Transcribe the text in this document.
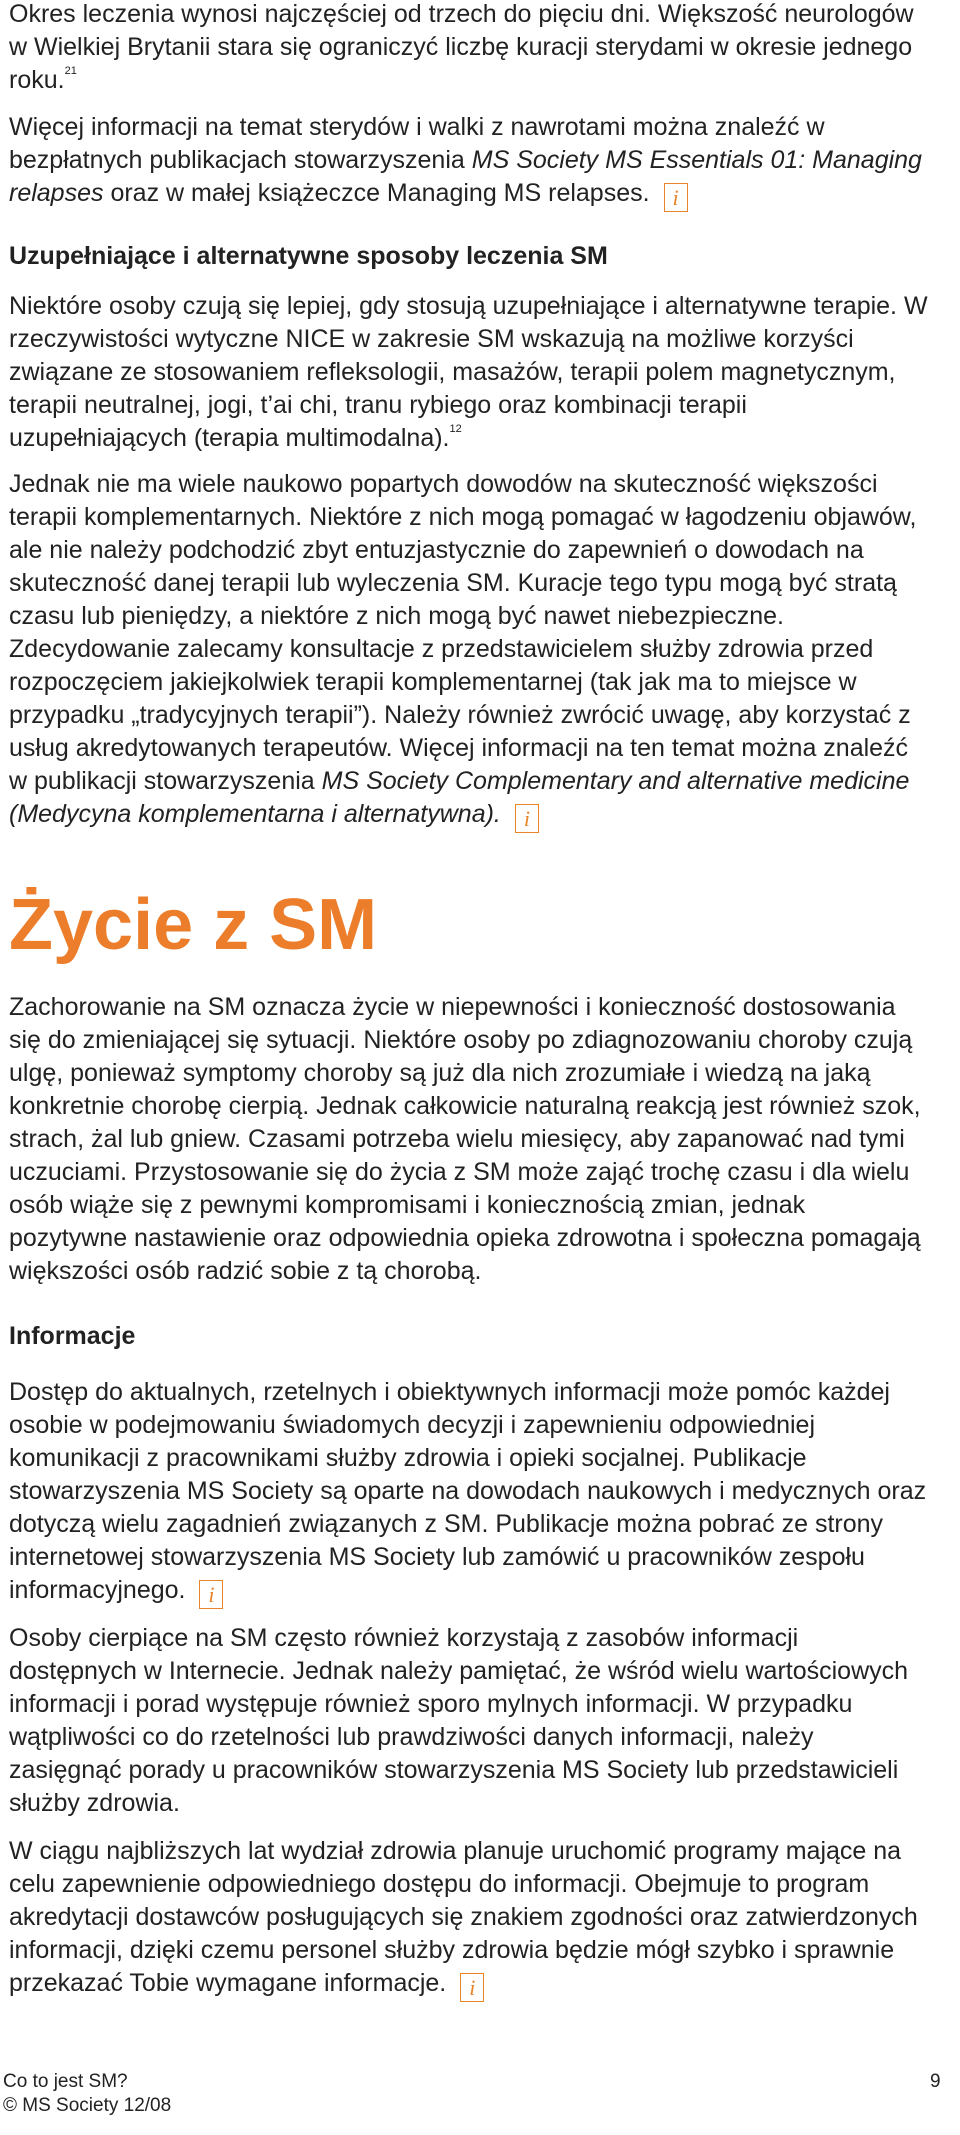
Okres leczenia wynosi najczęściej od trzech do pięciu dni. Większość neurologów w Wielkiej Brytanii stara się ograniczyć liczbę kuracji sterydami w okresie jednego roku.$^{21}$

Więcej informacji na temat sterydów i walki z nawrotami można znaleźć w bezpłatnych publikacjach stowarzyszenia MS Society MS Essentials 01: Managing relapses oraz w małej książeczce Managing MS relapses. i

Uzupełniające i alternatywne sposoby leczenia SM

Niektóre osoby czują się lepiej, gdy stosują uzupełniające i alternatywne terapie. W rzeczywistości wytyczne NICE w zakresie SM wskazują na możliwe korzyści związane ze stosowaniem refleksologii, masażów, terapii polem magnetycznym, terapii neutralnej, jogi, t’ai chi, tranu rybiego oraz kombinacji terapii uzupełniających (terapia multimodalna).$^{12}$

Jednak nie ma wiele naukowo popartych dowodów na skuteczność większości terapii komplementarnych. Niektóre z nich mogą pomagać w łagodzeniu objawów, ale nie należy podchodzić zbyt entuzjastycznie do zapewnień o dowodach na skuteczność danej terapii lub wyleczenia SM. Kuracje tego typu mogą być stratą czasu lub pieniędzy, a niektóre z nich mogą być nawet niebezpieczne. Zdecydowanie zalecamy konsultacje z przedstawicielem służby zdrowia przed rozpoczęciem jakiejkolwiek terapii komplementarnej (tak jak ma to miejsce w przypadku „tradycyjnych terapii”). Należy również zwrócić uwagę, aby korzystać z usług akredytowanych terapeutów. Więcej informacji na ten temat można znaleźć w publikacji stowarzyszenia MS Society Complementary and alternative medicine (Medycyna komplementarna i alternatywna). i

Życie z SM

Zachorowanie na SM oznacza życie w niepewności i konieczność dostosowania się do zmieniającej się sytuacji. Niektóre osoby po zdiagnozowaniu choroby czują ulgę, ponieważ symptomy choroby są już dla nich zrozumiałe i wiedzą na jaką konkretnie chorobę cierpią. Jednak całkowicie naturalną reakcją jest również szok, strach, żal lub gniew. Czasami potrzeba wielu miesięcy, aby zapanować nad tymi uczuciami. Przystosowanie się do życia z SM może zająć trochę czasu i dla wielu osób wiąże się z pewnymi kompromisami i koniecznością zmian, jednak pozytywne nastawienie oraz odpowiednia opieka zdrowotna i społeczna pomagają większości osób radzić sobie z tą chorobą.

Informacje

Dostęp do aktualnych, rzetelnych i obiektywnych informacji może pomóc każdej osobie w podejmowaniu świadomych decyzji i zapewnieniu odpowiedniej komunikacji z pracownikami służby zdrowia i opieki socjalnej. Publikacje stowarzyszenia MS Society są oparte na dowodach naukowych i medycznych oraz dotyczą wielu zagadnień związanych z SM. Publikacje można pobrać ze strony internetowej stowarzyszenia MS Society lub zamówić u pracowników zespołu informacyjnego. i

Osoby cierpiące na SM często również korzystają z zasobów informacji dostępnych w Internecie. Jednak należy pamiętać, że wśród wielu wartościowych informacji i porad występuje również sporo mylnych informacji. W przypadku wątpliwości co do rzetelności lub prawdziwości danych informacji, należy zasięgnąć porady u pracowników stowarzyszenia MS Society lub przedstawicieli służby zdrowia.

W ciągu najbliższych lat wydział zdrowia planuje uruchomić programy mające na celu zapewnienie odpowiedniego dostępu do informacji. Obejmuje to program akredytacji dostawców posługujących się znakiem zgodności oraz zatwierdzonych informacji, dzięki czemu personel służby zdrowia będzie mógł szybko i sprawnie przekazać Tobie wymagane informacje. i

Co to jest SM?
© MS Society 12/08
9
